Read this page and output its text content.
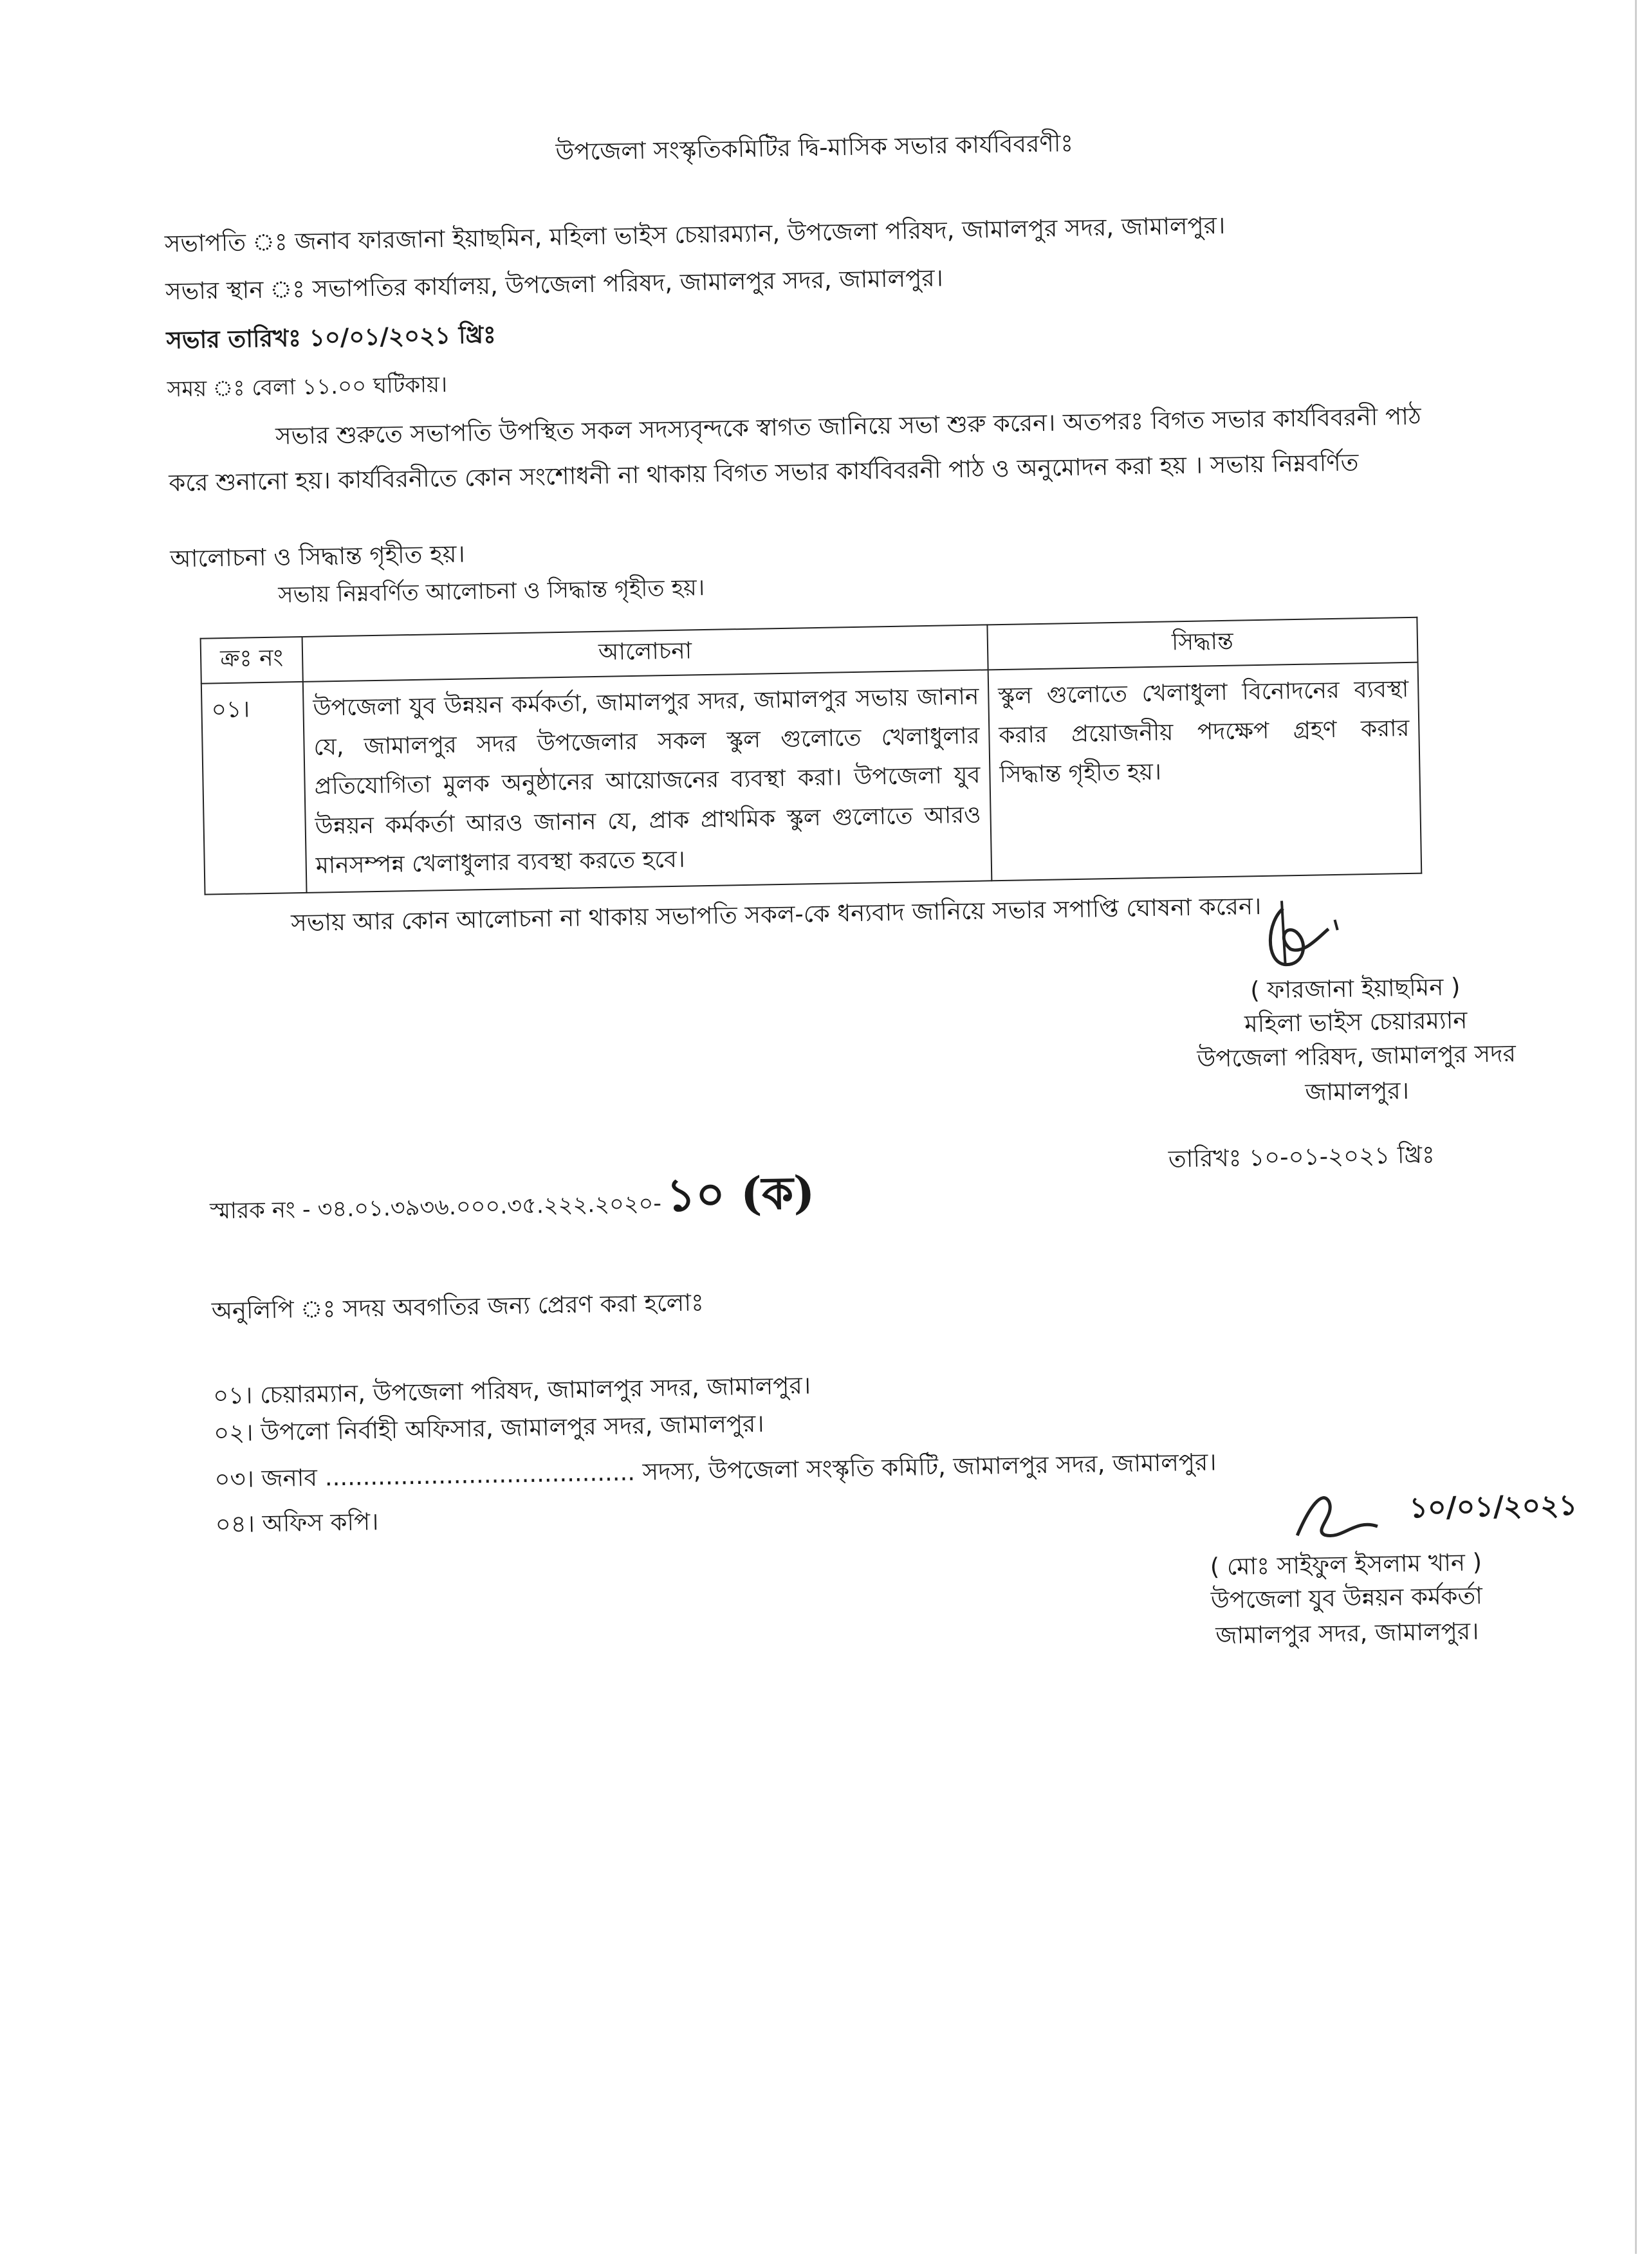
উপজেলা সংস্কৃতিকমিটির দ্বি-মাসিক সভার কার্যবিবরণীঃ
সভাপতি ঃ জনাব ফারজানা ইয়াছমিন, মহিলা ভাইস চেয়ারম্যান, উপজেলা পরিষদ, জামালপুর সদর, জামালপুর।
সভার স্থান ঃ সভাপতির কার্যালয়, উপজেলা পরিষদ, জামালপুর সদর, জামালপুর।
সভার তারিখঃ ১০/০১/২০২১ খ্রিঃ
সময় ঃ বেলা ১১.০০ ঘটিকায়।
সভার শুরুতে সভাপতি উপস্থিত সকল সদস্যবৃন্দকে স্বাগত জানিয়ে সভা শুরু করেন। অতপরঃ বিগত সভার কার্যবিবরনী পাঠ
করে শুনানো হয়। কার্যবিরনীতে কোন সংশোধনী না থাকায় বিগত সভার কার্যবিবরনী পাঠ ও অনুমোদন করা হয় । সভায় নিম্নবর্ণিত
আলোচনা ও সিদ্ধান্ত গৃহীত হয়।
সভায় নিম্নবর্ণিত আলোচনা ও সিদ্ধান্ত গৃহীত হয়।
ক্রঃ নং	আলোচনা	সিদ্ধান্ত
০১।	উপজেলা যুব উন্নয়ন কর্মকর্তা, জামালপুর সদর, জামালপুর সভায় জানান যে, জামালপুর সদর উপজেলার সকল স্কুল গুলোতে খেলাধুলার প্রতিযোগিতা মুলক অনুষ্ঠানের আয়োজনের ব্যবস্থা করা। উপজেলা যুব উন্নয়ন কর্মকর্তা আরও জানান যে, প্রাক প্রাথমিক স্কুল গুলোতে আরও মানসম্পন্ন খেলাধুলার ব্যবস্থা করতে হবে।	স্কুল গুলোতে খেলাধুলা বিনোদনের ব্যবস্থা করার প্রয়োজনীয় পদক্ষেপ গ্রহণ করার সিদ্ধান্ত গৃহীত হয়।
সভায় আর কোন আলোচনা না থাকায় সভাপতি সকল-কে ধন্যবাদ জানিয়ে সভার সপাপ্তি ঘোষনা করেন।
( ফারজানা ইয়াছমিন )
মহিলা ভাইস চেয়ারম্যান
উপজেলা পরিষদ, জামালপুর সদর
জামালপুর।
স্মারক নং - ৩৪.০১.৩৯৩৬.০০০.৩৫.২২২.২০২০- ১০ (ক)
তারিখঃ ১০-০১-২০২১ খ্রিঃ
অনুলিপি ঃ সদয় অবগতির জন্য প্রেরণ করা হলোঃ
০১। চেয়ারম্যান, উপজেলা পরিষদ, জামালপুর সদর, জামালপুর।
০২। উপলো নির্বাহী অফিসার, জামালপুর সদর, জামালপুর।
০৩। জনাব ......................................... সদস্য, উপজেলা সংস্কৃতি কমিটি, জামালপুর সদর, জামালপুর।
০৪। অফিস কপি।	১০/০১/২০২১
( মোঃ সাইফুল ইসলাম খান )
উপজেলা যুব উন্নয়ন কর্মকর্তা
জামালপুর সদর, জামালপুর।
